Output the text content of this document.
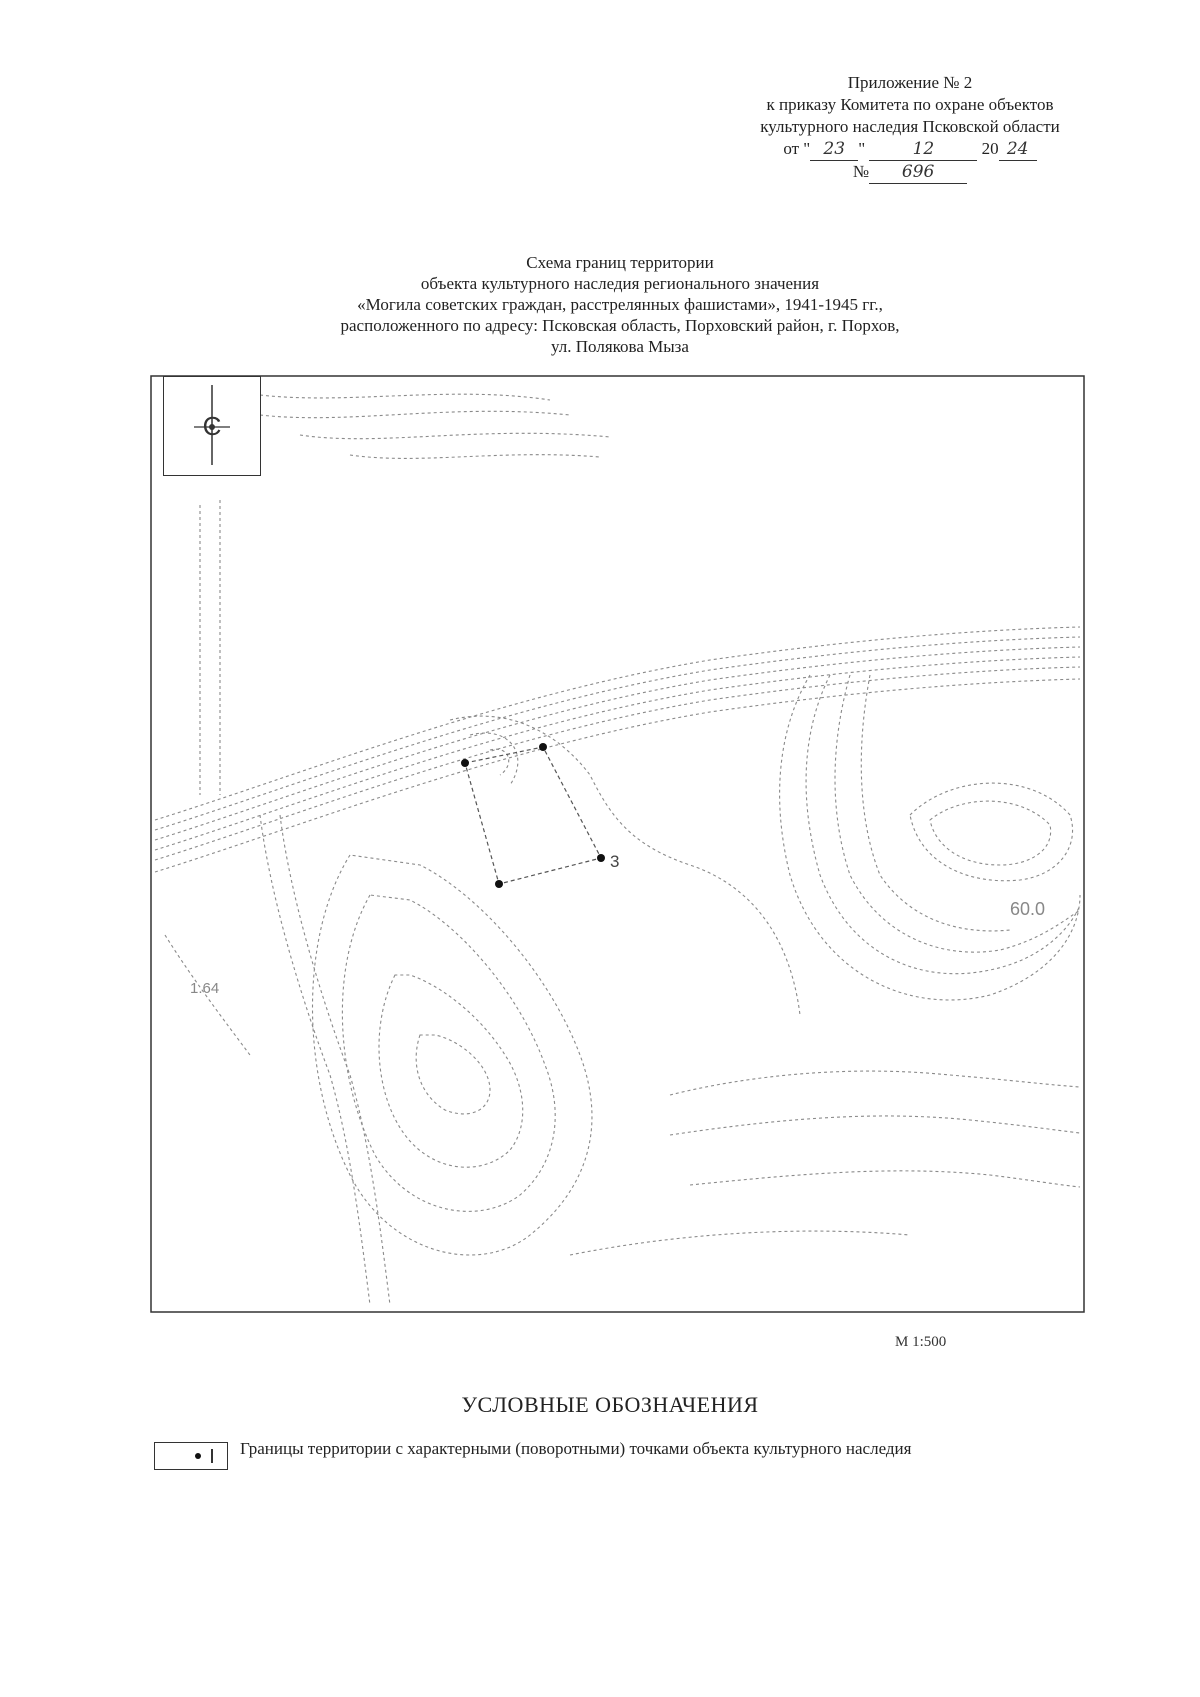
Приложение № 2
к приказу Комитета по охране объектов
культурного наследия Псковской области
от " 23 "	12	20 24
№ 696
Схема границ территории
объекта культурного наследия регионального значения
«Могила советских граждан, расстрелянных фашистами», 1941-1945 гг.,
расположенного по адресу: Псковская область, Порховский район, г. Порхов,
ул. Полякова Мыза
3
60.0
1.64
С
М 1:500
УСЛОВНЫЕ ОБОЗНАЧЕНИЯ
Границы территории с характерными (поворотными) точками объекта культурного наследия
